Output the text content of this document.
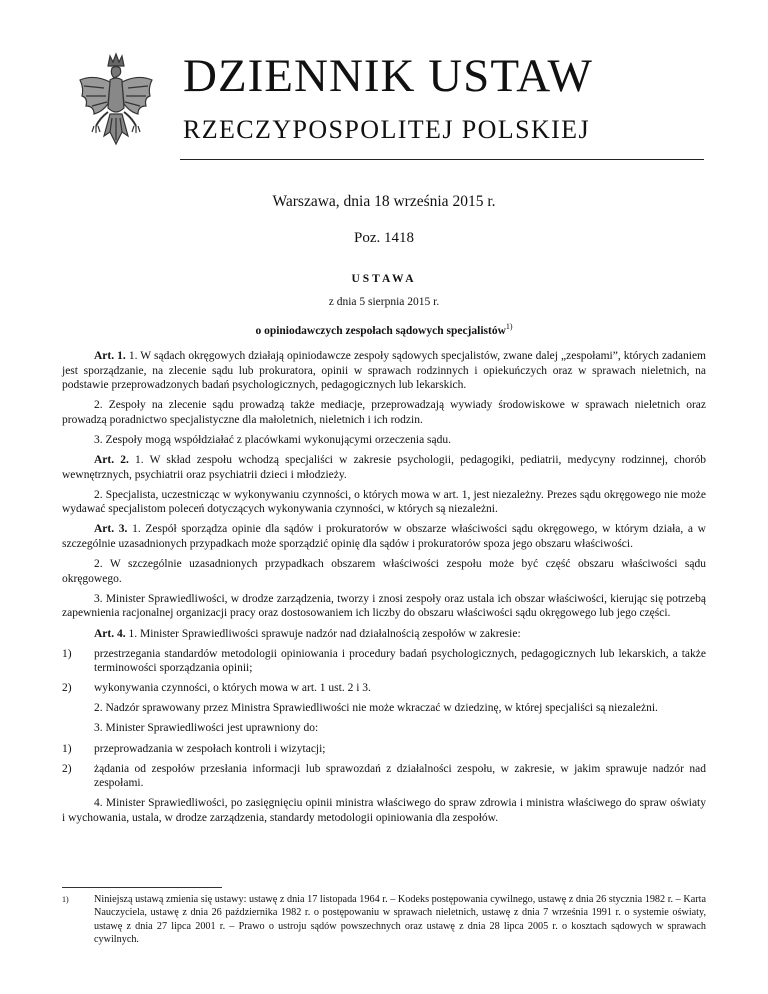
DZIENNIK USTAW
RZECZYPOSPOLITEJ POLSKIEJ
Warszawa, dnia 18 września 2015 r.
Poz. 1418
USTAWA
z dnia 5 sierpnia 2015 r.
o opiniodawczych zespołach sądowych specjalistów$^{1)}$

Art. 1. 1. W sądach okręgowych działają opiniodawcze zespoły sądowych specjalistów, zwane dalej „zespołami”, których zadaniem jest sporządzanie, na zlecenie sądu lub prokuratora, opinii w sprawach rodzinnych i opiekuńczych oraz w sprawach nieletnich, na podstawie przeprowadzonych badań psychologicznych, pedagogicznych lub lekarskich.

2. Zespoły na zlecenie sądu prowadzą także mediacje, przeprowadzają wywiady środowiskowe w sprawach nieletnich oraz prowadzą poradnictwo specjalistyczne dla małoletnich, nieletnich i ich rodzin.

3. Zespoły mogą współdziałać z placówkami wykonującymi orzeczenia sądu.

Art. 2. 1. W skład zespołu wchodzą specjaliści w zakresie psychologii, pedagogiki, pediatrii, medycyny rodzinnej, chorób wewnętrznych, psychiatrii oraz psychiatrii dzieci i młodzieży.

2. Specjalista, uczestnicząc w wykonywaniu czynności, o których mowa w art. 1, jest niezależny. Prezes sądu okręgowego nie może wydawać specjalistom poleceń dotyczących wykonywania czynności, w których są niezależni.

Art. 3. 1. Zespół sporządza opinie dla sądów i prokuratorów w obszarze właściwości sądu okręgowego, w którym działa, a w szczególnie uzasadnionych przypadkach może sporządzić opinię dla sądów i prokuratorów spoza jego obszaru właściwości.

2. W szczególnie uzasadnionych przypadkach obszarem właściwości zespołu może być część obszaru właściwości sądu okręgowego.

3. Minister Sprawiedliwości, w drodze zarządzenia, tworzy i znosi zespoły oraz ustala ich obszar właściwości, kierując się potrzebą zapewnienia racjonalnej organizacji pracy oraz dostosowaniem ich liczby do obszaru właściwości sądu okręgowego lub jego części.

Art. 4. 1. Minister Sprawiedliwości sprawuje nadzór nad działalnością zespołów w zakresie:

1)	przestrzegania standardów metodologii opiniowania i procedury badań psychologicznych, pedagogicznych lub lekarskich, a także terminowości sporządzania opinii;
2)	wykonywania czynności, o których mowa w art. 1 ust. 2 i 3.

2. Nadzór sprawowany przez Ministra Sprawiedliwości nie może wkraczać w dziedzinę, w której specjaliści są niezależni.

3. Minister Sprawiedliwości jest uprawniony do:

1)	przeprowadzania w zespołach kontroli i wizytacji;
2)	żądania od zespołów przesłania informacji lub sprawozdań z działalności zespołu, w zakresie, w jakim sprawuje nadzór nad zespołami.

4. Minister Sprawiedliwości, po zasięgnięciu opinii ministra właściwego do spraw zdrowia i ministra właściwego do spraw oświaty i wychowania, ustala, w drodze zarządzenia, standardy metodologii opiniowania dla zespołów.

1)	Niniejszą ustawą zmienia się ustawy: ustawę z dnia 17 listopada 1964 r. – Kodeks postępowania cywilnego, ustawę z dnia 26 stycznia 1982 r. – Karta Nauczyciela, ustawę z dnia 26 października 1982 r. o postępowaniu w sprawach nieletnich, ustawę z dnia 7 września 1991 r. o systemie oświaty, ustawę z dnia 27 lipca 2001 r. – Prawo o ustroju sądów powszechnych oraz ustawę z dnia 28 lipca 2005 r. o kosztach sądowych w sprawach cywilnych.
